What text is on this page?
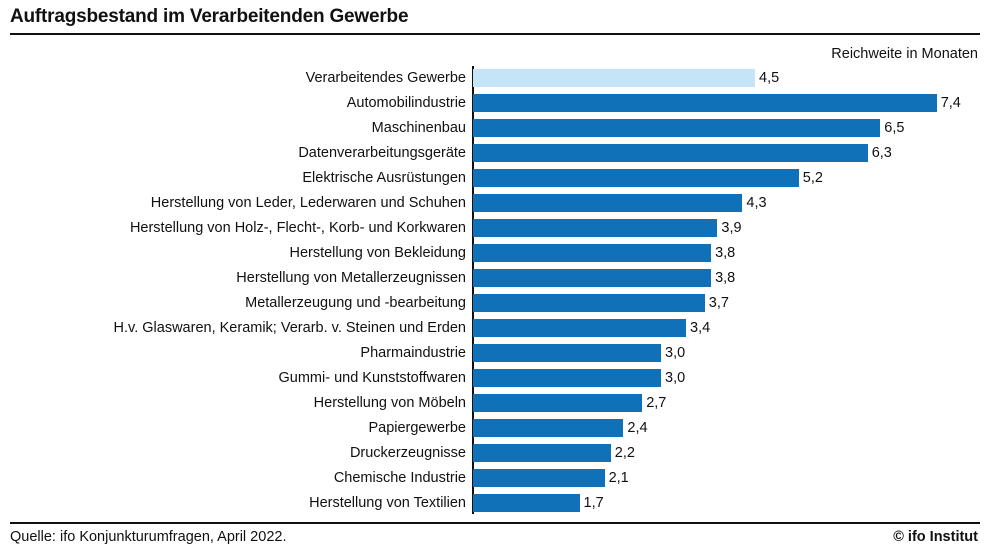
Auftragsbestand im Verarbeitenden Gewerbe
Reichweite in Monaten
Verarbeitendes Gewerbe	4,5
Automobilindustrie	7,4
Maschinenbau	6,5
Datenverarbeitungsgeräte	6,3
Elektrische Ausrüstungen	5,2
Herstellung von Leder, Lederwaren und Schuhen	4,3
Herstellung von Holz-, Flecht-, Korb- und Korkwaren	3,9
Herstellung von Bekleidung	3,8
Herstellung von Metallerzeugnissen	3,8
Metallerzeugung und -bearbeitung	3,7
H.v. Glaswaren, Keramik; Verarb. v. Steinen und Erden	3,4
Pharmaindustrie	3,0
Gummi- und Kunststoffwaren	3,0
Herstellung von Möbeln	2,7
Papiergewerbe	2,4
Druckerzeugnisse	2,2
Chemische Industrie	2,1
Herstellung von Textilien	1,7
Quelle: ifo Konjunkturumfragen, April 2022.	© ifo Institut
